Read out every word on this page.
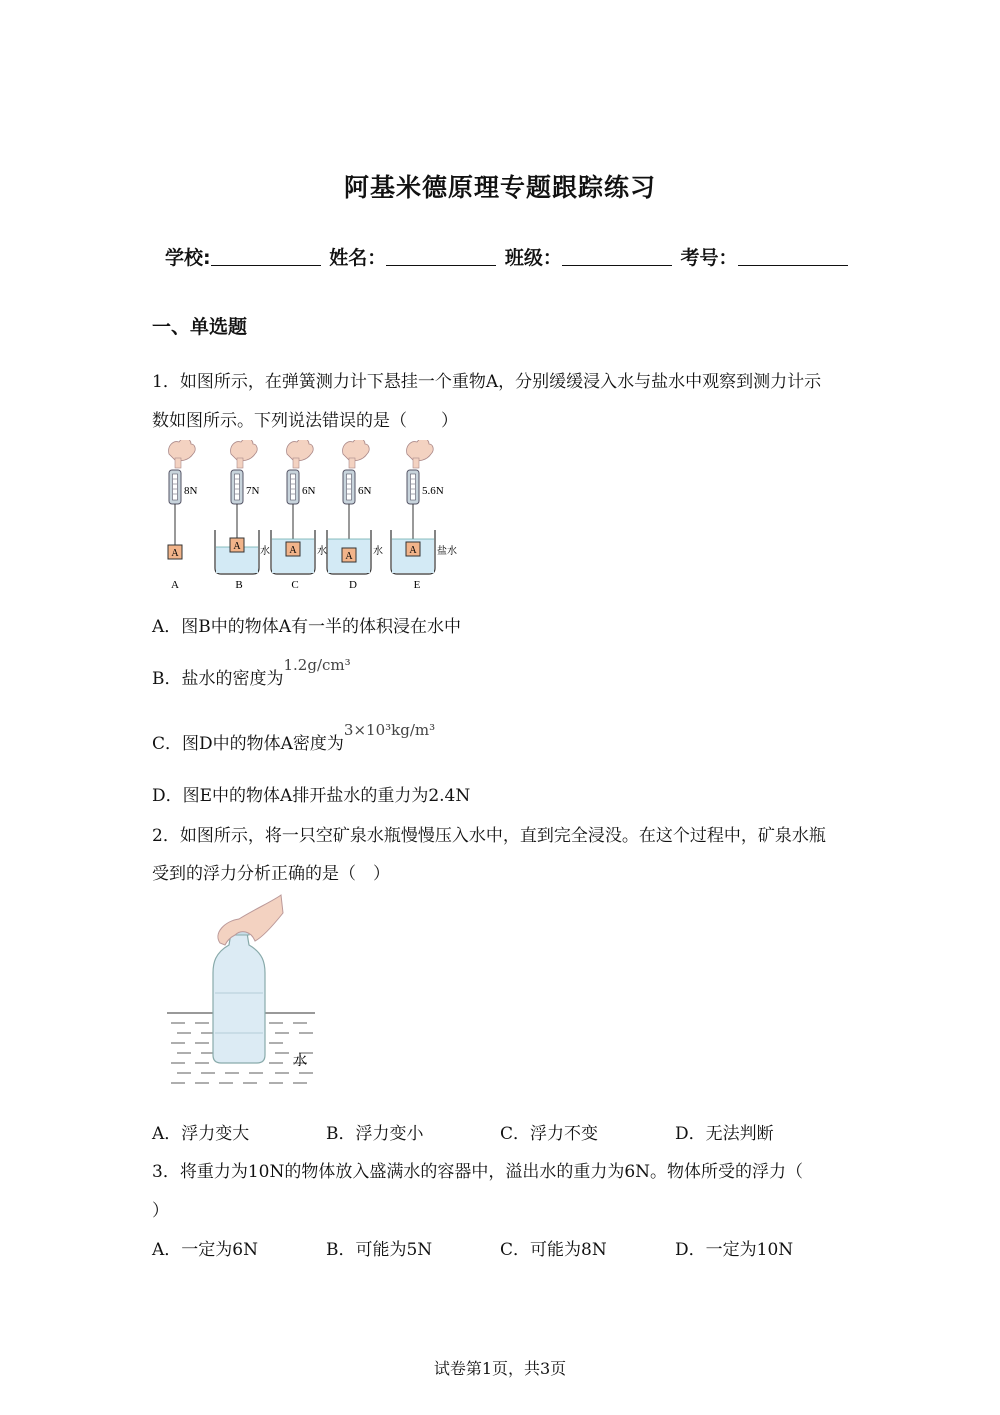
阿基米德原理专题跟踪练习
学校:	姓名：	班级：	考号：
一、单选题
1．如图所示，在弹簧测力计下悬挂一个重物A，分别缓缓浸入水与盐水中观察到测力计示
数如图所示。下列说法错误的是（　　）
A
8N
A
A
7N
水
B
A
6N
水
C
A
6N
水
D
A
5.6N
盐水
E
A．图B中的物体A有一半的体积浸在水中
B．盐水的密度为1.2g/cm³
C．图D中的物体A密度为3×10³kg/m³
D．图E中的物体A排开盐水的重力为2.4N
2．如图所示，将一只空矿泉水瓶慢慢压入水中，直到完全浸没。在这个过程中，矿泉水瓶
受到的浮力分析正确的是（　）
水
A．浮力变大	B．浮力变小	C．浮力不变	D．无法判断
3．将重力为10N的物体放入盛满水的容器中，溢出水的重力为6N。物体所受的浮力（
）
A．一定为6N	B．可能为5N	C．可能为8N	D．一定为10N
试卷第1页，共3页
